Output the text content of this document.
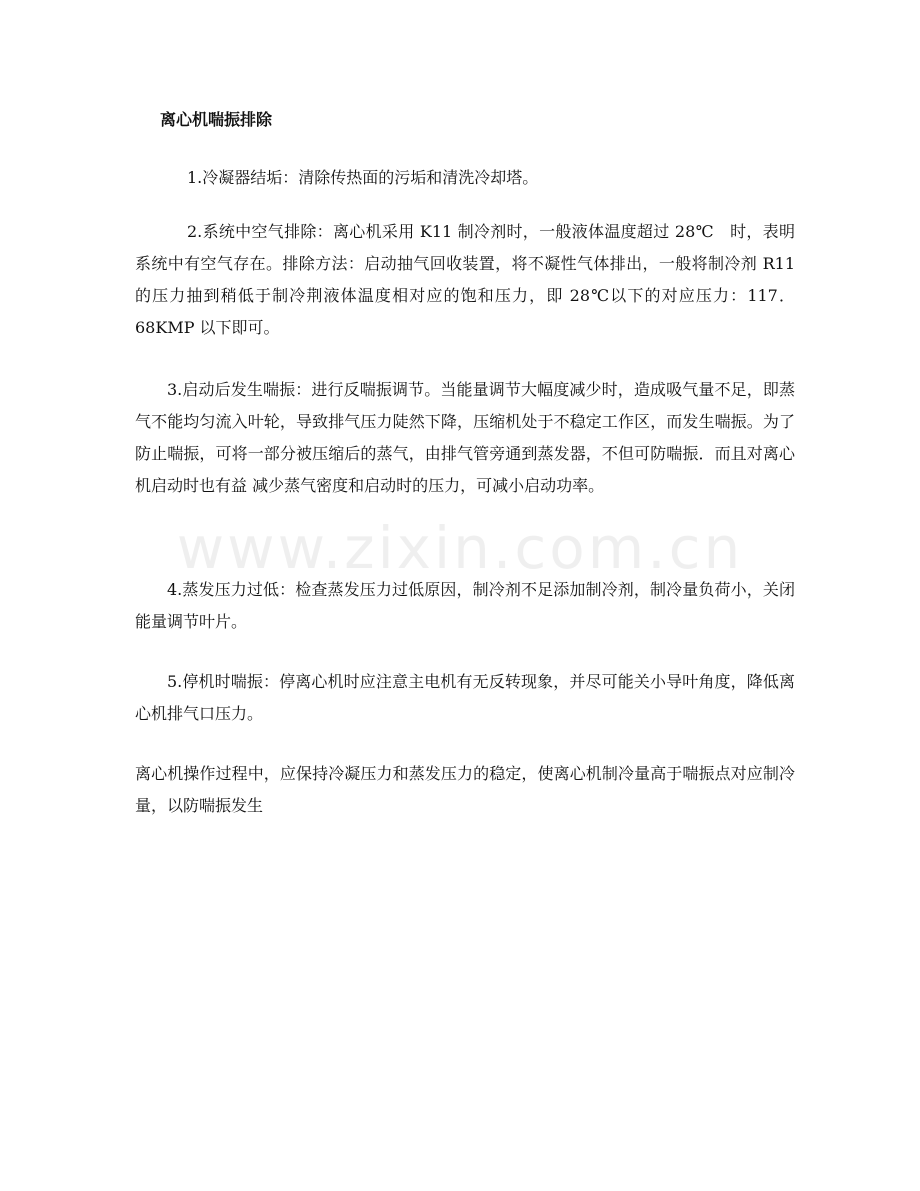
www.zixin.com.cn
离心机喘振排除

1.冷凝器结垢：清除传热面的污垢和清洗冷却塔。

2.系统中空气排除：离心机采用 K11 制冷剂时，一般液体温度超过 28℃　时，表明系统中有空气存在。排除方法：启动抽气回收装置，将不凝性气体排出，一般将制冷剂 R11 的压力抽到稍低于制冷荆液体温度相对应的饱和压力，即 28℃以下的对应压力：117．68KMP 以下即可。

3.启动后发生喘振：进行反喘振调节。当能量调节大幅度减少时，造成吸气量不足，即蒸气不能均匀流入叶轮，导致排气压力陡然下降，压缩机处于不稳定工作区，而发生喘振。为了防止喘振，可将一部分被压缩后的蒸气，由排气管旁通到蒸发器，不但可防喘振．而且对离心机启动时也有益 减少蒸气密度和启动时的压力，可减小启动功率。

4.蒸发压力过低：检查蒸发压力过低原因，制冷剂不足添加制冷剂，制冷量负荷小，关闭能量调节叶片。

5.停机时喘振：停离心机时应注意主电机有无反转现象，并尽可能关小导叶角度，降低离心机排气口压力。

离心机操作过程中，应保持冷凝压力和蒸发压力的稳定，使离心机制冷量高于喘振点对应制冷量，以防喘振发生
